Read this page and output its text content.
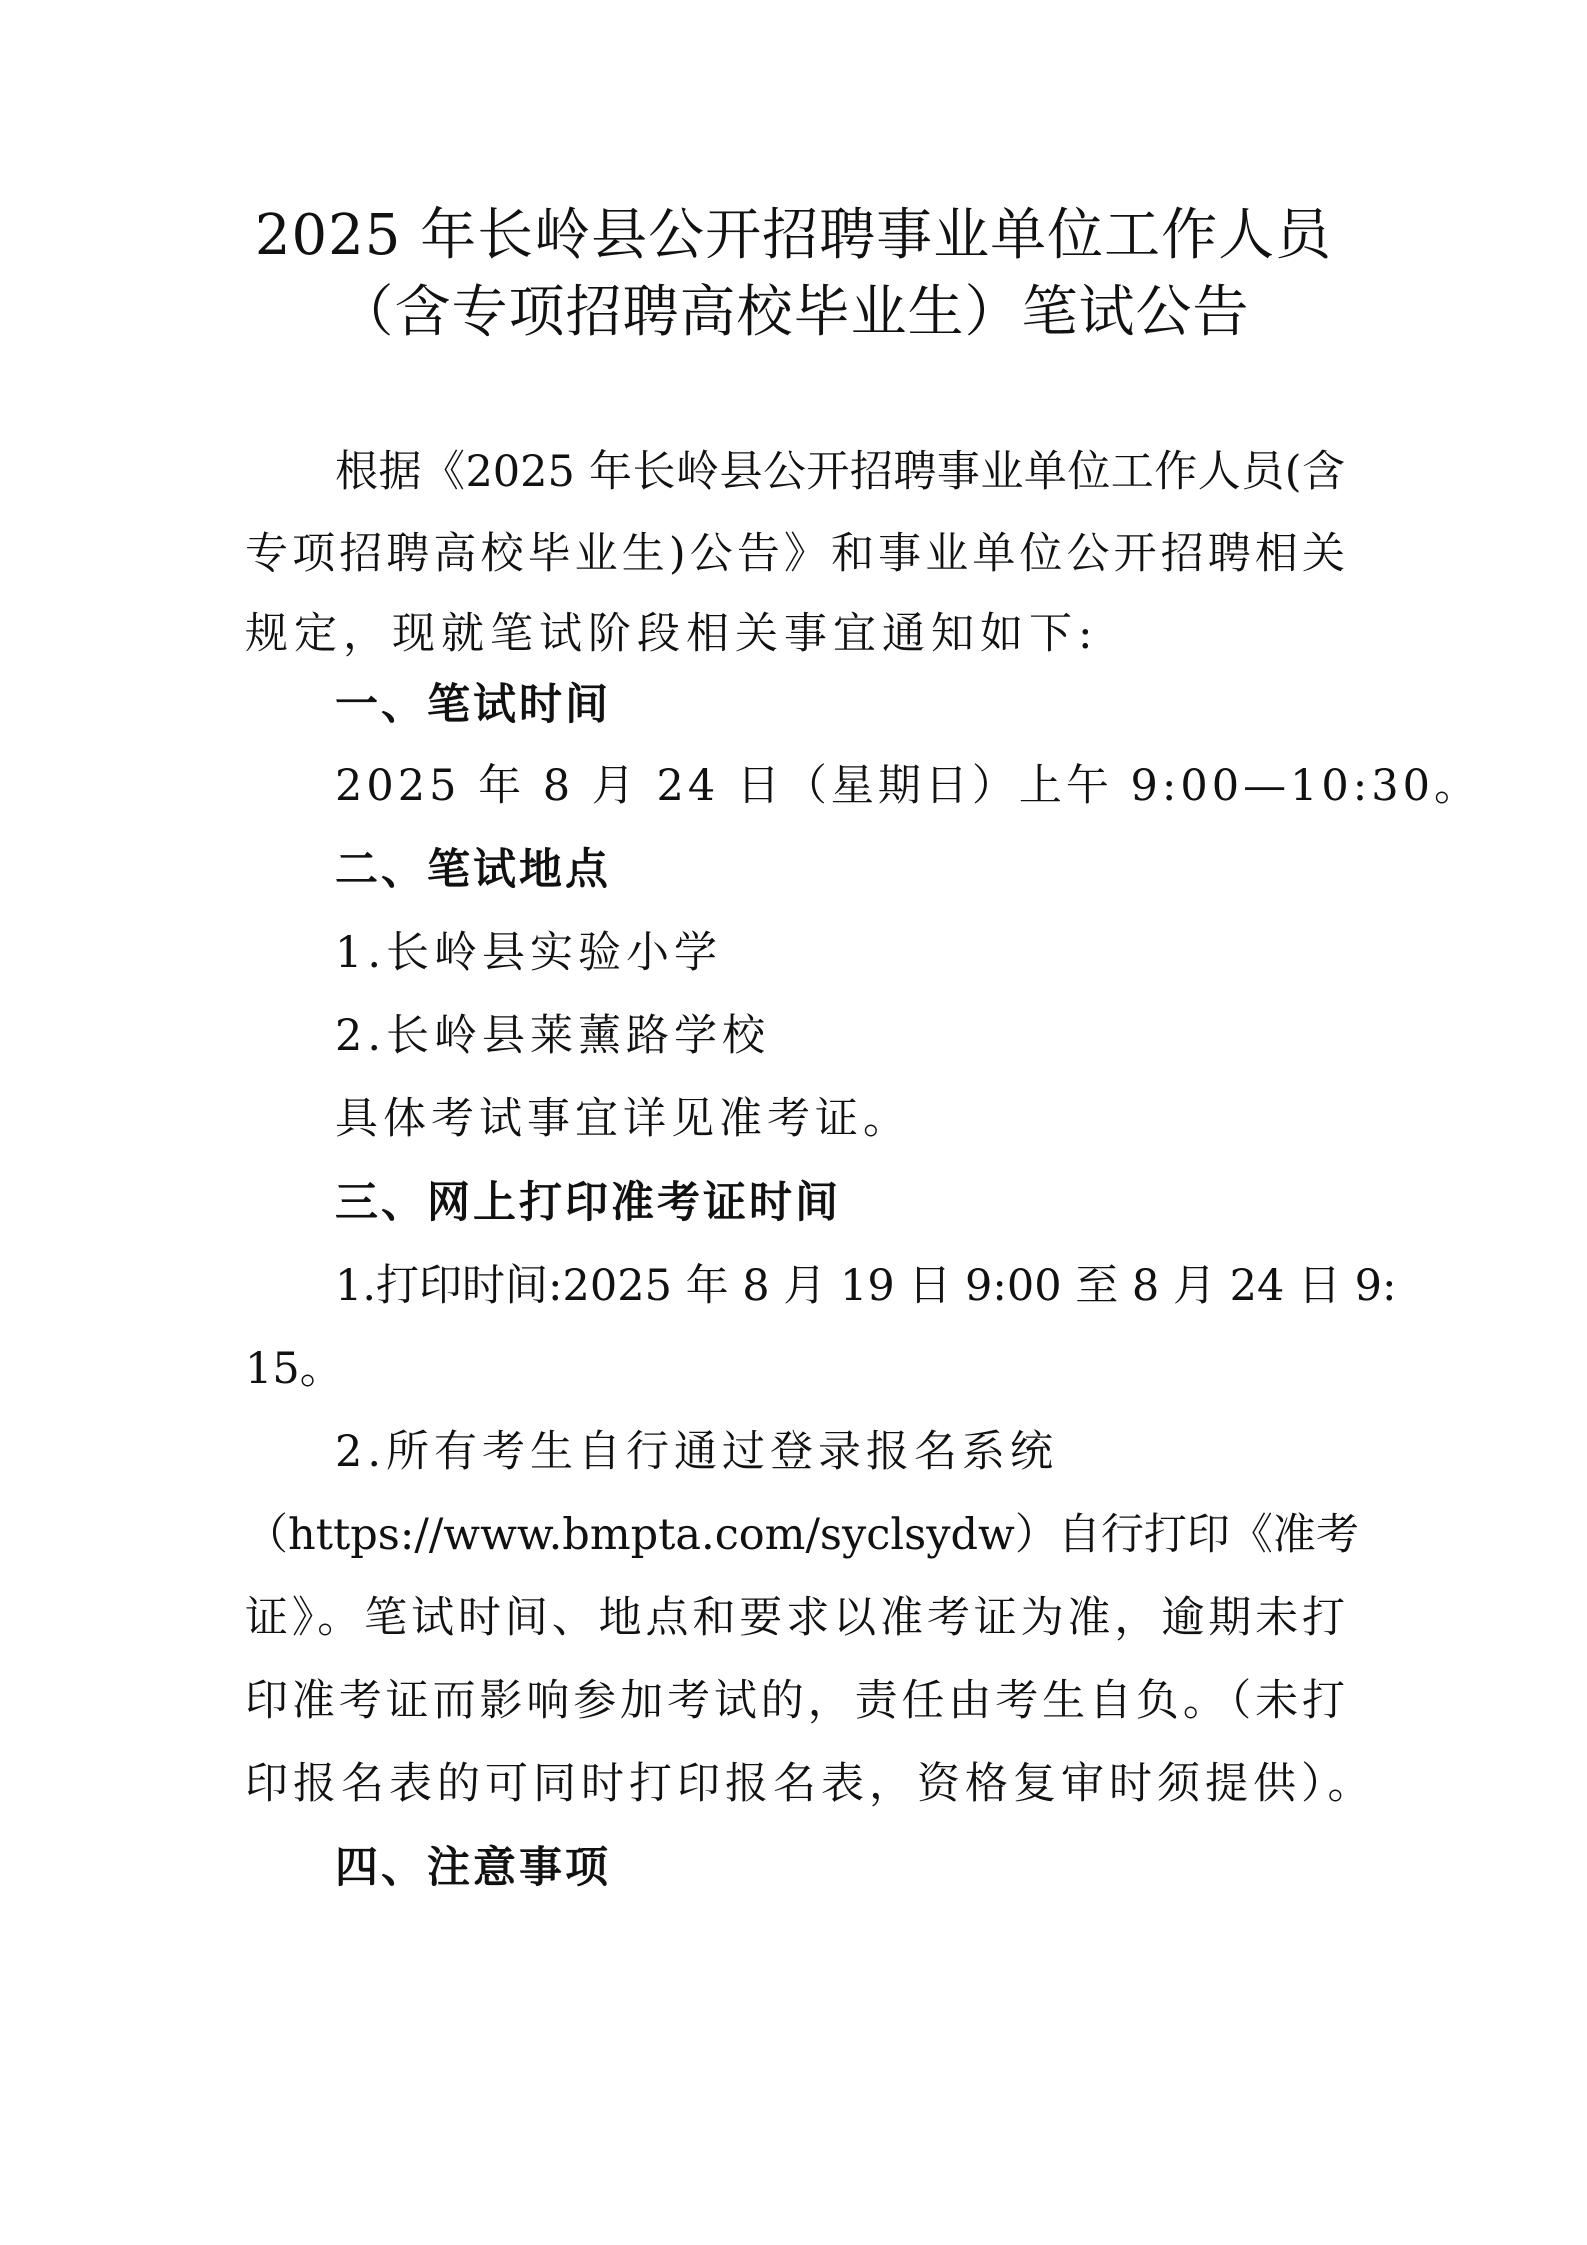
2025 年长岭县公开招聘事业单位工作人员
（含专项招聘高校毕业生）笔试公告
根据《2025 年长岭县公开招聘事业单位工作人员(含
专项招聘高校毕业生)公告》和事业单位公开招聘相关
规定，现就笔试阶段相关事宜通知如下:
一、笔试时间
2025 年 8 月 24 日（星期日）上午 9:00—10:30。
二、笔试地点
1.长岭县实验小学
2.长岭县莱薰路学校
具体考试事宜详见准考证。
三、网上打印准考证时间
1.打印时间:2025 年 8 月 19 日 9:00 至 8 月 24 日 9:
15。
2.所有考生自行通过登录报名系统
（https://www.bmpta.com/syclsydw）自行打印《准考
证》。笔试时间、地点和要求以准考证为准，逾期未打
印准考证而影响参加考试的，责任由考生自负。（未打
印报名表的可同时打印报名表，资格复审时须提供）。
四、注意事项
